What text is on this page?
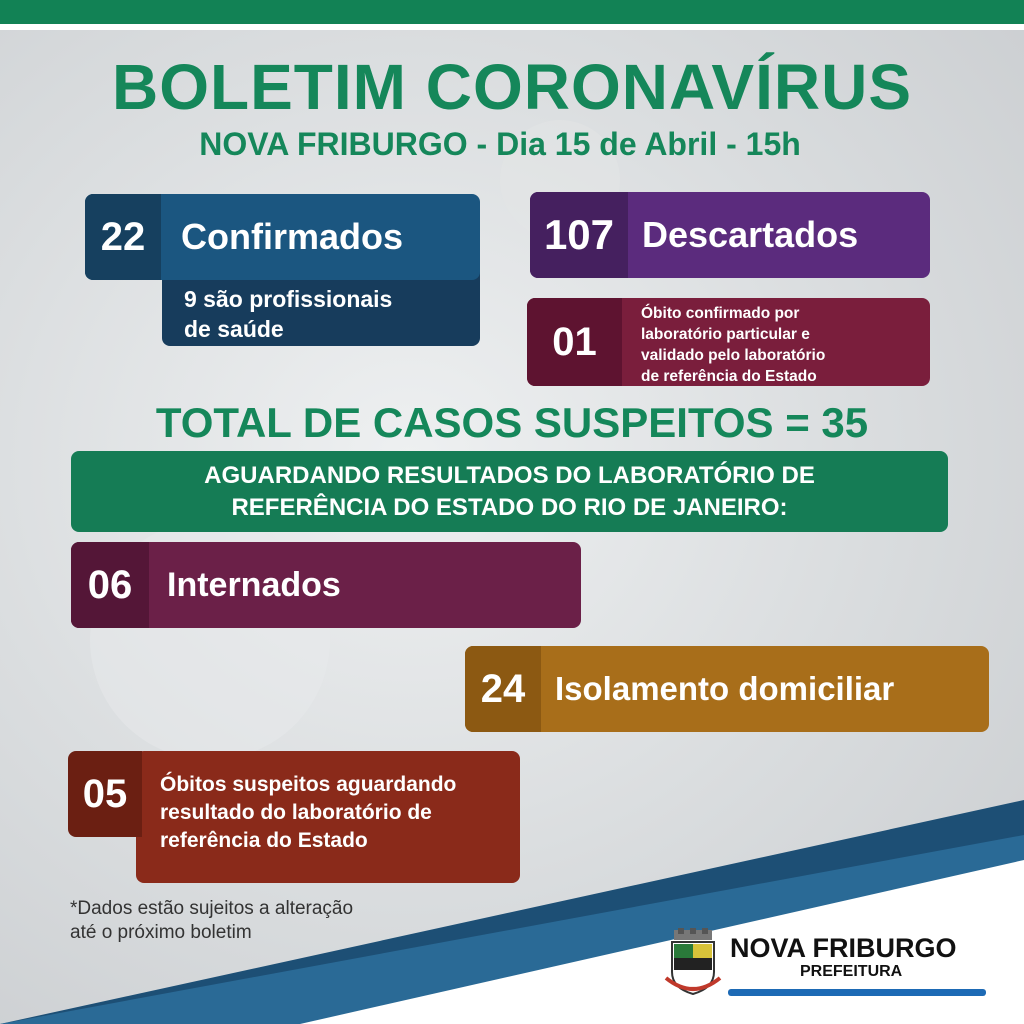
BOLETIM CORONAVÍRUS
NOVA FRIBURGO - Dia 15 de Abril - 15h
9 são profissionais
de saúde
22 Confirmados	107 Descartados
01
Óbito confirmado por
laboratório particular e
validado pelo laboratório
de referência do Estado
TOTAL DE CASOS SUSPEITOS = 35
AGUARDANDO RESULTADOS DO LABORATÓRIO DE
REFERÊNCIA DO ESTADO DO RIO DE JANEIRO:
06	Internados
24 Isolamento domiciliar
Óbitos suspeitos aguardando
resultado do laboratório de
referência do Estado
05
*Dados estão sujeitos a alteração
até o próximo boletim
NOVA FRIBURGO
PREFEITURA
